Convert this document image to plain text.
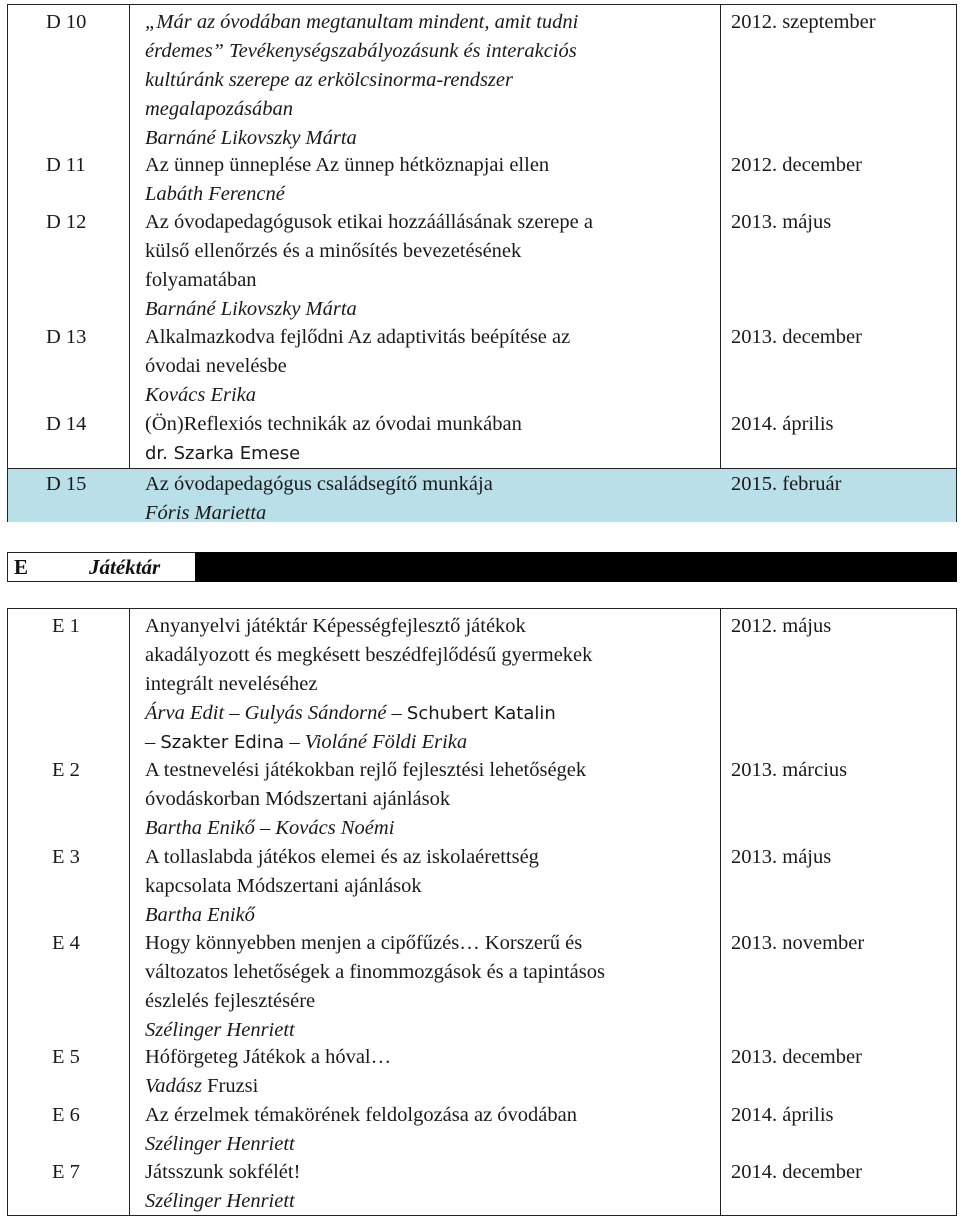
D 10	„Már az óvodában megtanultam mindent, amit tudni
érdemes” Tevékenységszabályozásunk és interakciós
kultúránk szerepe az erkölcsinorma-rendszer
megalapozásában
Barnáné Likovszky Márta
2012. szeptember
D 11	Az ünnep ünneplése Az ünnep hétköznapjai ellen
Labáth Ferencné
2012. december
D 12	Az óvodapedagógusok etikai hozzáállásának szerepe a
külső ellenőrzés és a minősítés bevezetésének
folyamatában
Barnáné Likovszky Márta
2013. május
D 13	Alkalmazkodva fejlődni Az adaptivitás beépítése az
óvodai nevelésbe
Kovács Erika
2013. december
D 14	(Ön)Reflexiós technikák az óvodai munkában
dr. Szarka Emese
2014. április
D 15	Az óvodapedagógus családsegítő munkája
Fóris Marietta
2015. február
E	Játéktár
E 1	Anyanyelvi játéktár Képességfejlesztő játékok
akadályozott és megkésett beszédfejlődésű gyermekek
integrált neveléséhez
Árva Edit – Gulyás Sándorné – Schubert Katalin
– Szakter Edina – Violáné Földi Erika
2012. május
E 2	A testnevelési játékokban rejlő fejlesztési lehetőségek
óvodáskorban Módszertani ajánlások
Bartha Enikő – Kovács Noémi
2013. március
E 3	A tollaslabda játékos elemei és az iskolaérettség
kapcsolata Módszertani ajánlások
Bartha Enikő
2013. május
E 4	Hogy könnyebben menjen a cipőfűzés… Korszerű és
változatos lehetőségek a finommozgások és a tapintásos
észlelés fejlesztésére
Szélinger Henriett
2013. november
E 5	Hóförgeteg Játékok a hóval…
Vadász Fruzsi
2013. december
E 6	Az érzelmek témakörének feldolgozása az óvodában
Szélinger Henriett
2014. április
E 7	Játsszunk sokfélét!
Szélinger Henriett
2014. december
